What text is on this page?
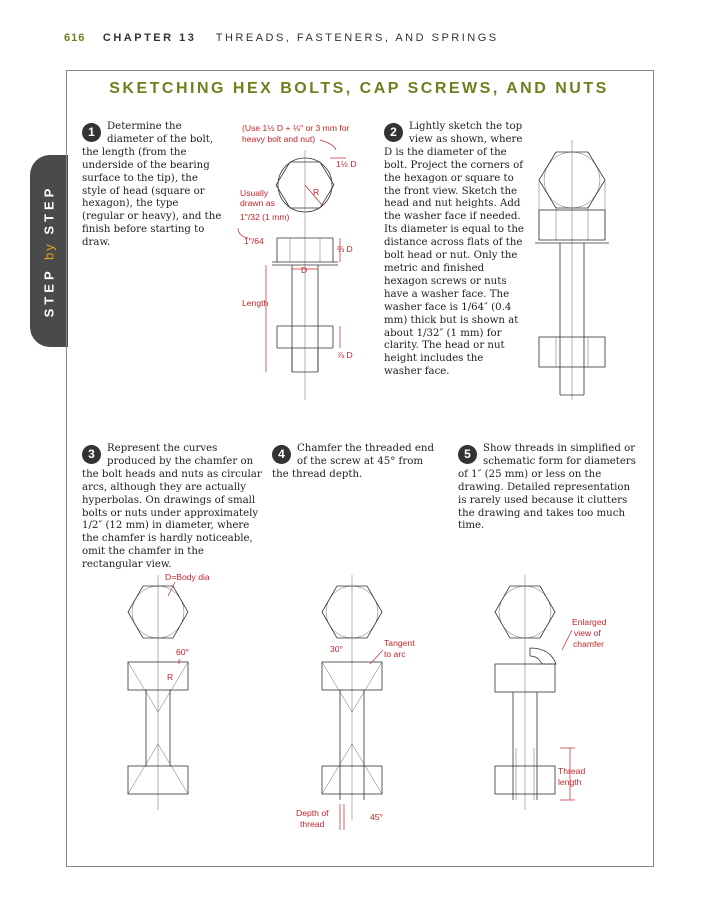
616 CHAPTER 13 THREADS, FASTENERS, AND SPRINGS
STEP by STEP
SKETCHING HEX BOLTS, CAP SCREWS, AND NUTS
1	Determine the diameter of the bolt, the length (from the underside of the bearing surface to the tip), the style of head (square or hexagon), the type (regular or heavy), and the finish before starting to draw.
2	Lightly sketch the top view as shown, where D is the diameter of the bolt. Project the corners of the hexagon or square to the front view. Sketch the head and nut heights. Add the washer face if needed. Its diameter is equal to the distance across flats of the bolt head or nut. Only the metric and finished hexagon screws or nuts have a washer face. The washer face is 1/64″ (0.4 mm) thick but is shown at about 1/32″ (1 mm) for clarity. The head or nut height includes the washer face.
3	Represent the curves produced by the chamfer on the bolt heads and nuts as circular arcs, although they are actually hyperbolas. On drawings of small bolts or nuts under approximately 1/2″ (12 mm) in diameter, where the chamfer is hardly noticeable, omit the chamfer in the rectangular view.
4	Chamfer the threaded end of the screw at 45° from the thread depth.
5	Show threads in simplified or schematic form for diameters of 1″ (25 mm) or less on the drawing. Detailed representation is rarely used because it clutters the drawing and takes too much time.
(Use 1½ D + ⅛″ or 3 mm for
heavy bolt and nut)
R
1½ D
Usually
drawn as
1″/32 (1 mm)
1″/64
⅔ D
D
Length
⅞ D
D=Body dia
60°
r
R
30°
Tangent
to arc
Depth of
thread
45°
Enlarged
view of
chamfer
Thread
length
